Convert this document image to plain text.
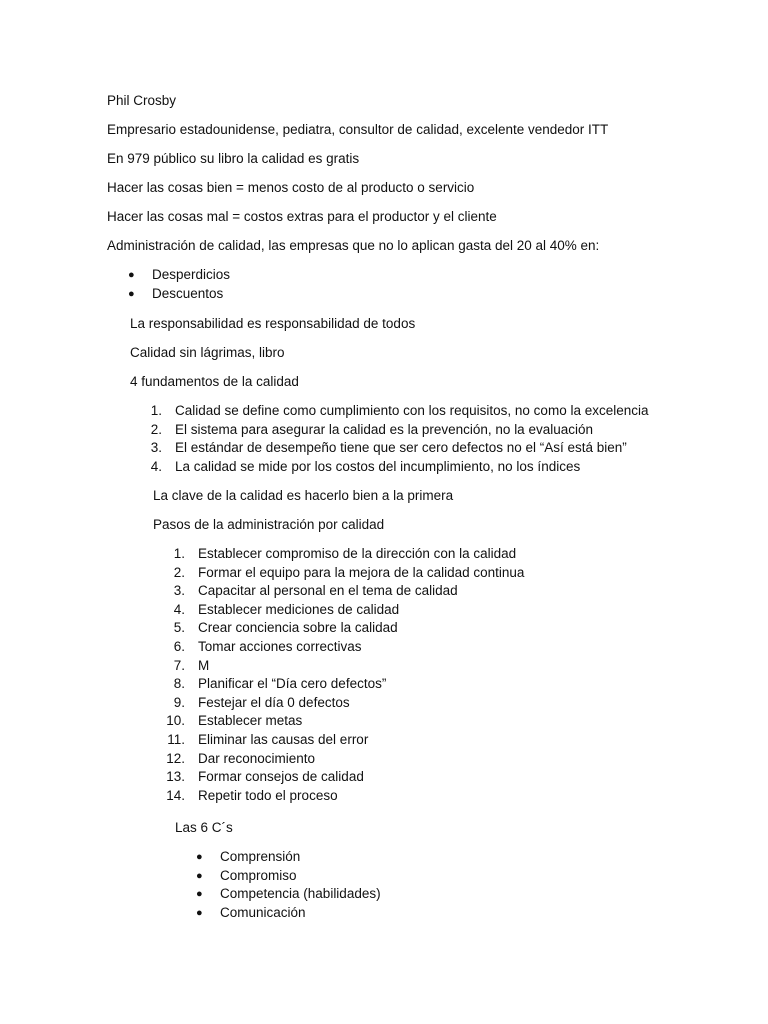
Phil Crosby
Empresario estadounidense, pediatra, consultor de calidad, excelente vendedor ITT
En 979 público su libro la calidad es gratis
Hacer las cosas bien = menos costo de al producto o servicio
Hacer las cosas mal = costos extras para el productor y el cliente
Administración de calidad, las empresas que no lo aplican gasta del 20 al 40% en:
● Desperdicios
● Descuentos
La responsabilidad es responsabilidad de todos
Calidad sin lágrimas, libro
4 fundamentos de la calidad
1. Calidad se define como cumplimiento con los requisitos, no como la excelencia
2. El sistema para asegurar la calidad es la prevención, no la evaluación
3. El estándar de desempeño tiene que ser cero defectos no el “Así está bien”
4. La calidad se mide por los costos del incumplimiento, no los índices
La clave de la calidad es hacerlo bien a la primera
Pasos de la administración por calidad
1. Establecer compromiso de la dirección con la calidad
2. Formar el equipo para la mejora de la calidad continua
3. Capacitar al personal en el tema de calidad
4. Establecer mediciones de calidad
5. Crear conciencia sobre la calidad
6. Tomar acciones correctivas
7. M
8. Planificar el “Día cero defectos”
9. Festejar el día 0 defectos
10. Establecer metas
11. Eliminar las causas del error
12. Dar reconocimiento
13. Formar consejos de calidad
14. Repetir todo el proceso
Las 6 C´s
● Comprensión
● Compromiso
● Competencia (habilidades)
● Comunicación
